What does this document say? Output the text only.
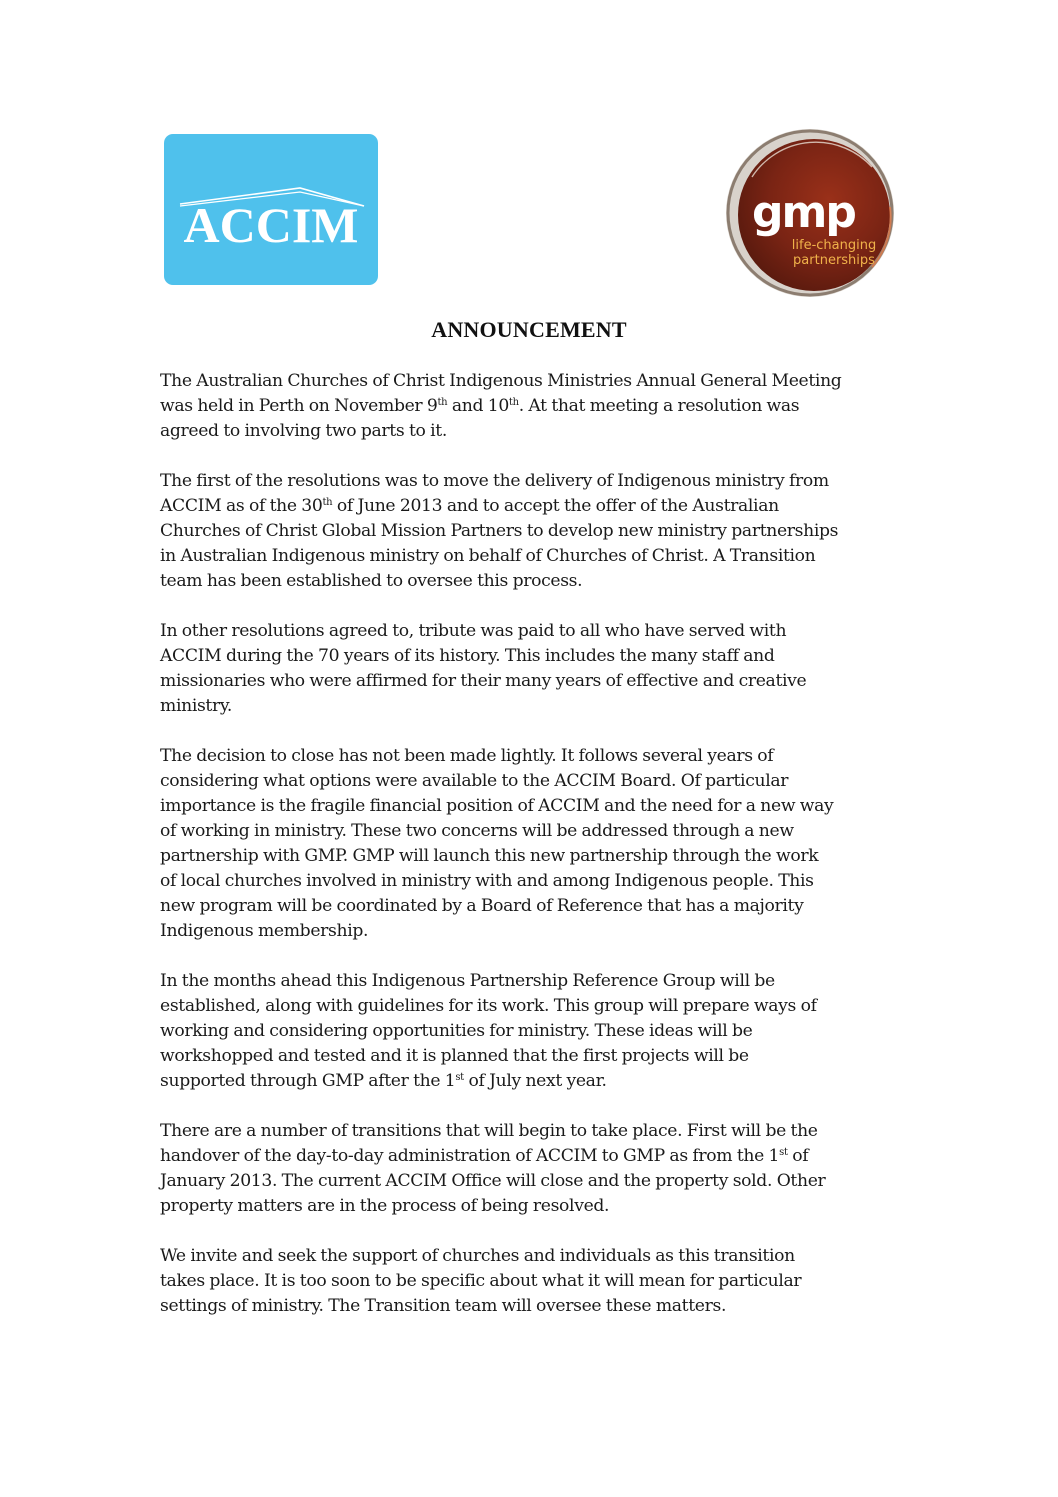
ACCIM	gmp
life-changing
partnerships
ANNOUNCEMENT
The Australian Churches of Christ Indigenous Ministries Annual General Meeting
was held in Perth on November 9th and 10th. At that meeting a resolution was
agreed to involving two parts to it.
The first of the resolutions was to move the delivery of Indigenous ministry from
ACCIM as of the 30th of June 2013 and to accept the offer of the Australian
Churches of Christ Global Mission Partners to develop new ministry partnerships
in Australian Indigenous ministry on behalf of Churches of Christ. A Transition
team has been established to oversee this process.
In other resolutions agreed to, tribute was paid to all who have served with
ACCIM during the 70 years of its history. This includes the many staff and
missionaries who were affirmed for their many years of effective and creative
ministry.
The decision to close has not been made lightly. It follows several years of
considering what options were available to the ACCIM Board. Of particular
importance is the fragile financial position of ACCIM and the need for a new way
of working in ministry. These two concerns will be addressed through a new
partnership with GMP. GMP will launch this new partnership through the work
of local churches involved in ministry with and among Indigenous people. This
new program will be coordinated by a Board of Reference that has a majority
Indigenous membership.
In the months ahead this Indigenous Partnership Reference Group will be
established, along with guidelines for its work. This group will prepare ways of
working and considering opportunities for ministry. These ideas will be
workshopped and tested and it is planned that the first projects will be
supported through GMP after the 1st of July next year.
There are a number of transitions that will begin to take place. First will be the
handover of the day-to-day administration of ACCIM to GMP as from the 1st of
January 2013. The current ACCIM Office will close and the property sold. Other
property matters are in the process of being resolved.
We invite and seek the support of churches and individuals as this transition
takes place. It is too soon to be specific about what it will mean for particular
settings of ministry. The Transition team will oversee these matters.
